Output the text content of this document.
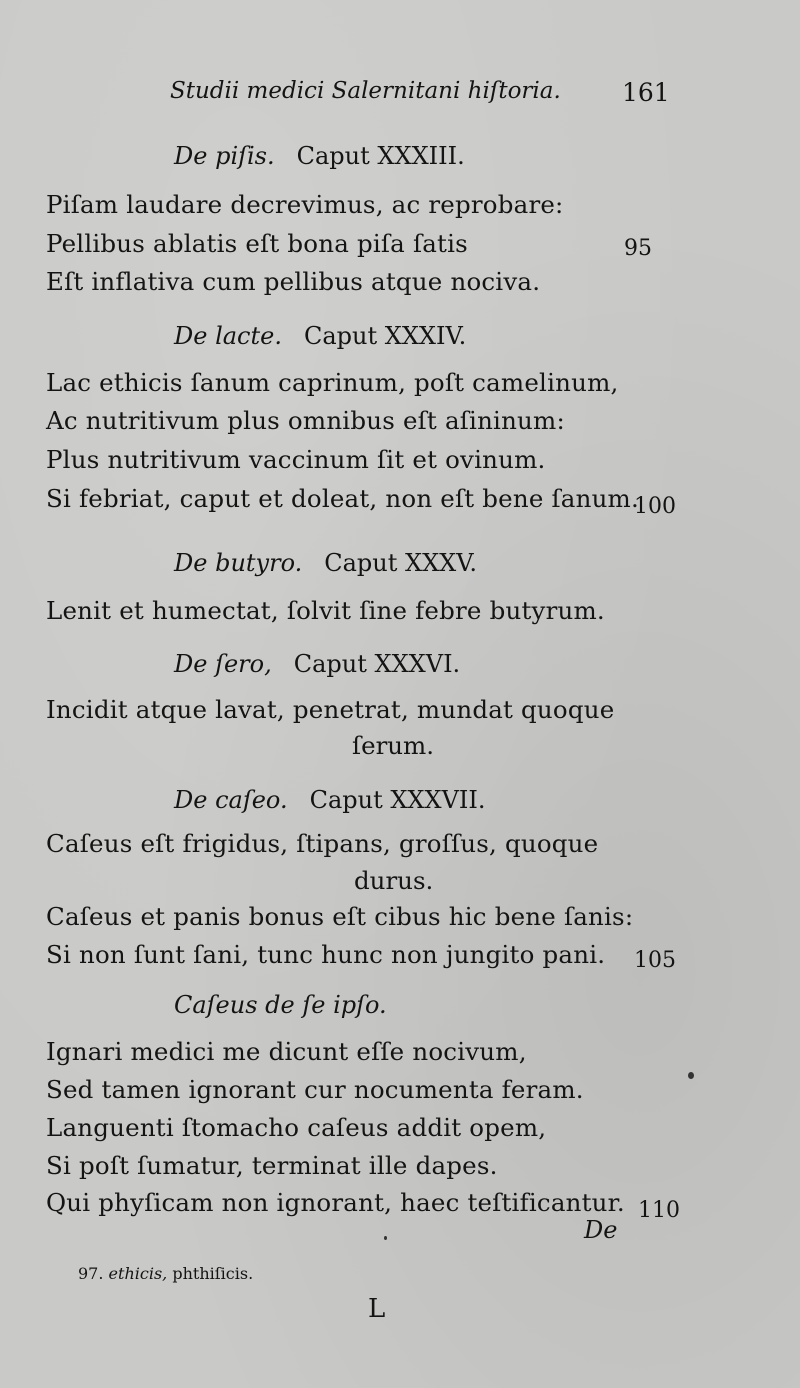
Studii medici Salernitani hiſtoria. 161
De piſis. Caput XXXIII.
Piſam laudare decrevimus, ac reprobare:
Pellibus ablatis eſt bona piſa ſatis
Eſt inflativa cum pellibus atque nociva.
95
De lacte. Caput XXXIV.
Lac ethicis ſanum caprinum, poſt camelinum,
Ac nutritivum plus omnibus eſt aſininum:
Plus nutritivum vaccinum ſit et ovinum.
Si febriat, caput et doleat, non eſt bene ſanum.
100
De butyro. Caput XXXV.
Lenit et humectat, ſolvit ſine febre butyrum.
De ſero, Caput XXXVI.
Incidit atque lavat, penetrat, mundat quoque
ſerum.
De caſeo. Caput XXXVII.
Caſeus eſt frigidus, ſtipans, groſſus, quoque
durus.
Caſeus et panis bonus eſt cibus hic bene ſanis:
Si non ſunt ſani, tunc hunc non jungito pani. 105
Caſeus de ſe ipſo.
Ignari medici me dicunt eſſe nocivum,
Sed tamen ignorant cur nocumenta feram.
Languenti ſtomacho caſeus addit opem,
Si poſt ſumatur, terminat ille dapes.
Qui phyſicam non ignorant, haec teſtificantur. 110
De
97. ethicis, phthiſicis.
L
